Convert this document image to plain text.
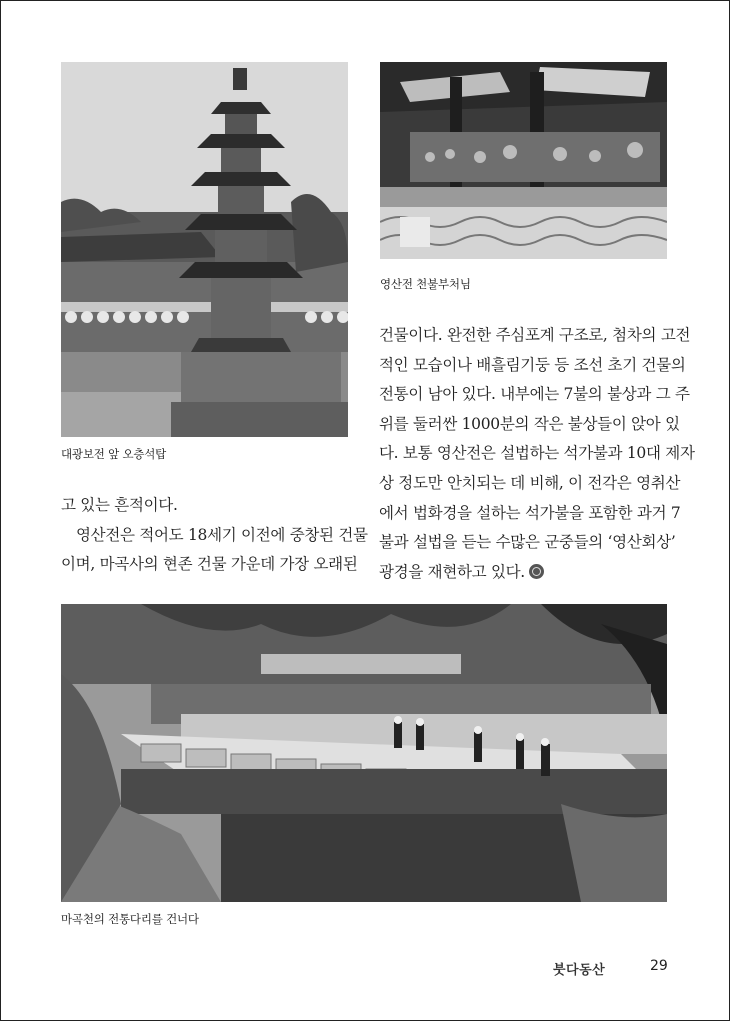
영산전 천불부처님
대광보전 앞 오층석탑

건물이다. 완전한 주심포계 구조로, 첨차의 고전

적인 모습이나 배흘림기둥 등 조선 초기 건물의

전통이 남아 있다. 내부에는 7불의 불상과 그 주

위를 둘러싼 1000분의 작은 불상들이 앉아 있

다. 보통 영산전은 설법하는 석가불과 10대 제자

상 정도만 안치되는 데 비해, 이 전각은 영취산

에서 법화경을 설하는 석가불을 포함한 과거 7

불과 설법을 듣는 수많은 군중들의 ‘영산회상’

광경을 재현하고 있다.

고 있는 흔적이다.

영산전은 적어도 18세기 이전에 중창된 건물

이며, 마곡사의 현존 건물 가운데 가장 오래된

마곡천의 전통다리를 건너다
붓다동산	29
